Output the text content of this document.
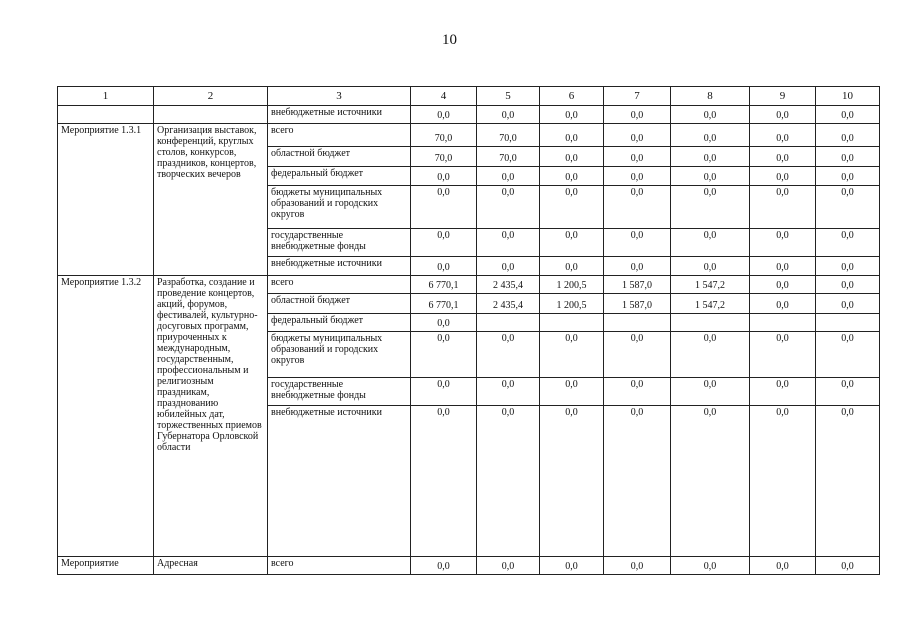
10
1	2	3	4	5	6	7	8	9	10
		внебюджетные источники	0,0	0,0	0,0	0,0	0,0	0,0	0,0
Мероприятие 1.3.1	Организация выставок, конференций, круглых столов, конкурсов, праздников, концертов, творческих вечеров	всего	70,0	70,0	0,0	0,0	0,0	0,0	0,0
		областной бюджет	70,0	70,0	0,0	0,0	0,0	0,0	0,0
		федеральный бюджет	0,0	0,0	0,0	0,0	0,0	0,0	0,0
		бюджеты муниципальных образований и городских округов	0,0	0,0	0,0	0,0	0,0	0,0	0,0
		государственные внебюджетные фонды	0,0	0,0	0,0	0,0	0,0	0,0	0,0
		внебюджетные источники	0,0	0,0	0,0	0,0	0,0	0,0	0,0
Мероприятие 1.3.2	Разработка, создание и проведение концертов, акций, форумов, фестивалей, культурно-досуговых программ, приуроченных к международным, государственным, профессиональным и религиозным праздникам, празднованию юбилейных дат, торжественных приемов Губернатора Орловской области	всего	6 770,1	2 435,4	1 200,5	1 587,0	1 547,2	0,0	0,0
		областной бюджет	6 770,1	2 435,4	1 200,5	1 587,0	1 547,2	0,0	0,0
		федеральный бюджет	0,0						
		бюджеты муниципальных образований и городских округов	0,0	0,0	0,0	0,0	0,0	0,0	0,0
		государственные внебюджетные фонды	0,0	0,0	0,0	0,0	0,0	0,0	0,0
		внебюджетные источники	0,0	0,0	0,0	0,0	0,0	0,0	0,0
Мероприятие	Адресная	всего	0,0	0,0	0,0	0,0	0,0	0,0	0,0
